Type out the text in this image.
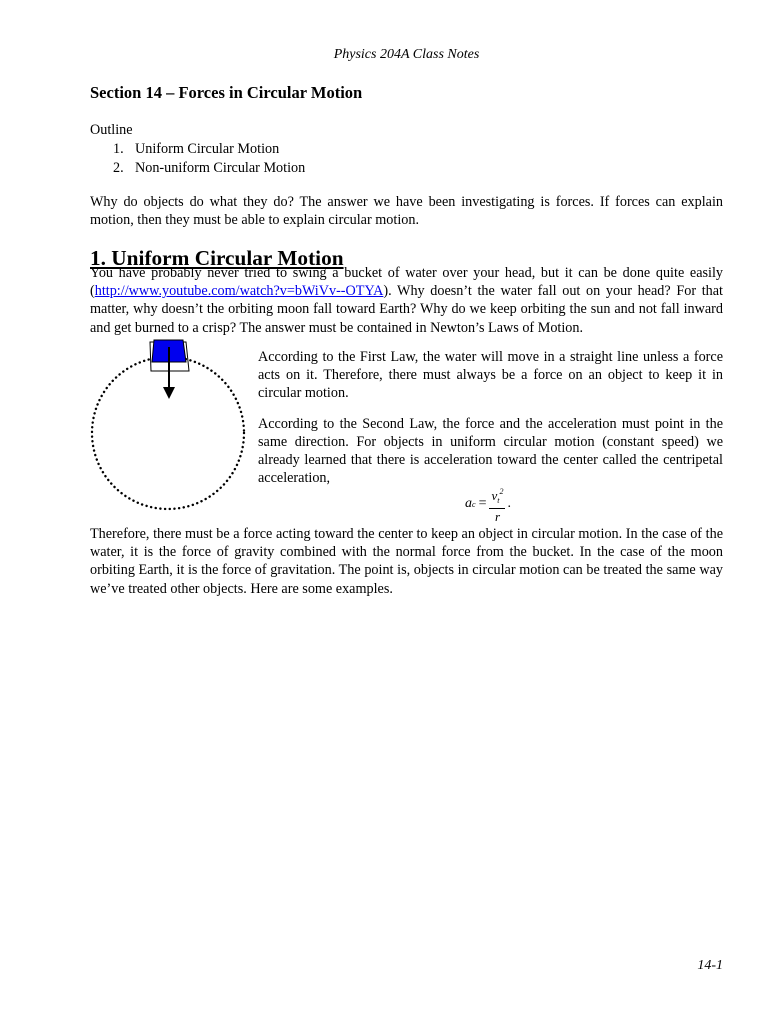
Physics 204A Class Notes
Section 14 – Forces in Circular Motion
Outline
1. Uniform Circular Motion
2. Non-uniform Circular Motion

Why do objects do what they do? The answer we have been investigating is forces. If forces can explain motion, then they must be able to explain circular motion.

1. Uniform Circular Motion

You have probably never tried to swing a bucket of water over your head, but it can be done quite easily (http://www.youtube.com/watch?v=bWiVv--OTYA). Why doesn’t the water fall out on your head? For that matter, why doesn’t the orbiting moon fall toward Earth? Why do we keep orbiting the sun and not fall inward and get burned to a crisp? The answer must be contained in Newton’s Laws of Motion.

According to the First Law, the water will move in a straight line unless a force acts on it. Therefore, there must always be a force on an object to keep it in circular motion.

According to the Second Law, the force and the acceleration must point in the same direction. For objects in uniform circular motion (constant speed) we already learned that there is acceleration toward the center called the centripetal acceleration,

a $c = \frac{v_t^2}{r}$ .

Therefore, there must be a force acting toward the center to keep an object in circular motion. In the case of the water, it is the force of gravity combined with the normal force from the bucket. In the case of the moon orbiting Earth, it is the force of gravitation. The point is, objects in circular motion can be treated the same way we’ve treated other objects. Here are some examples.

14-1
